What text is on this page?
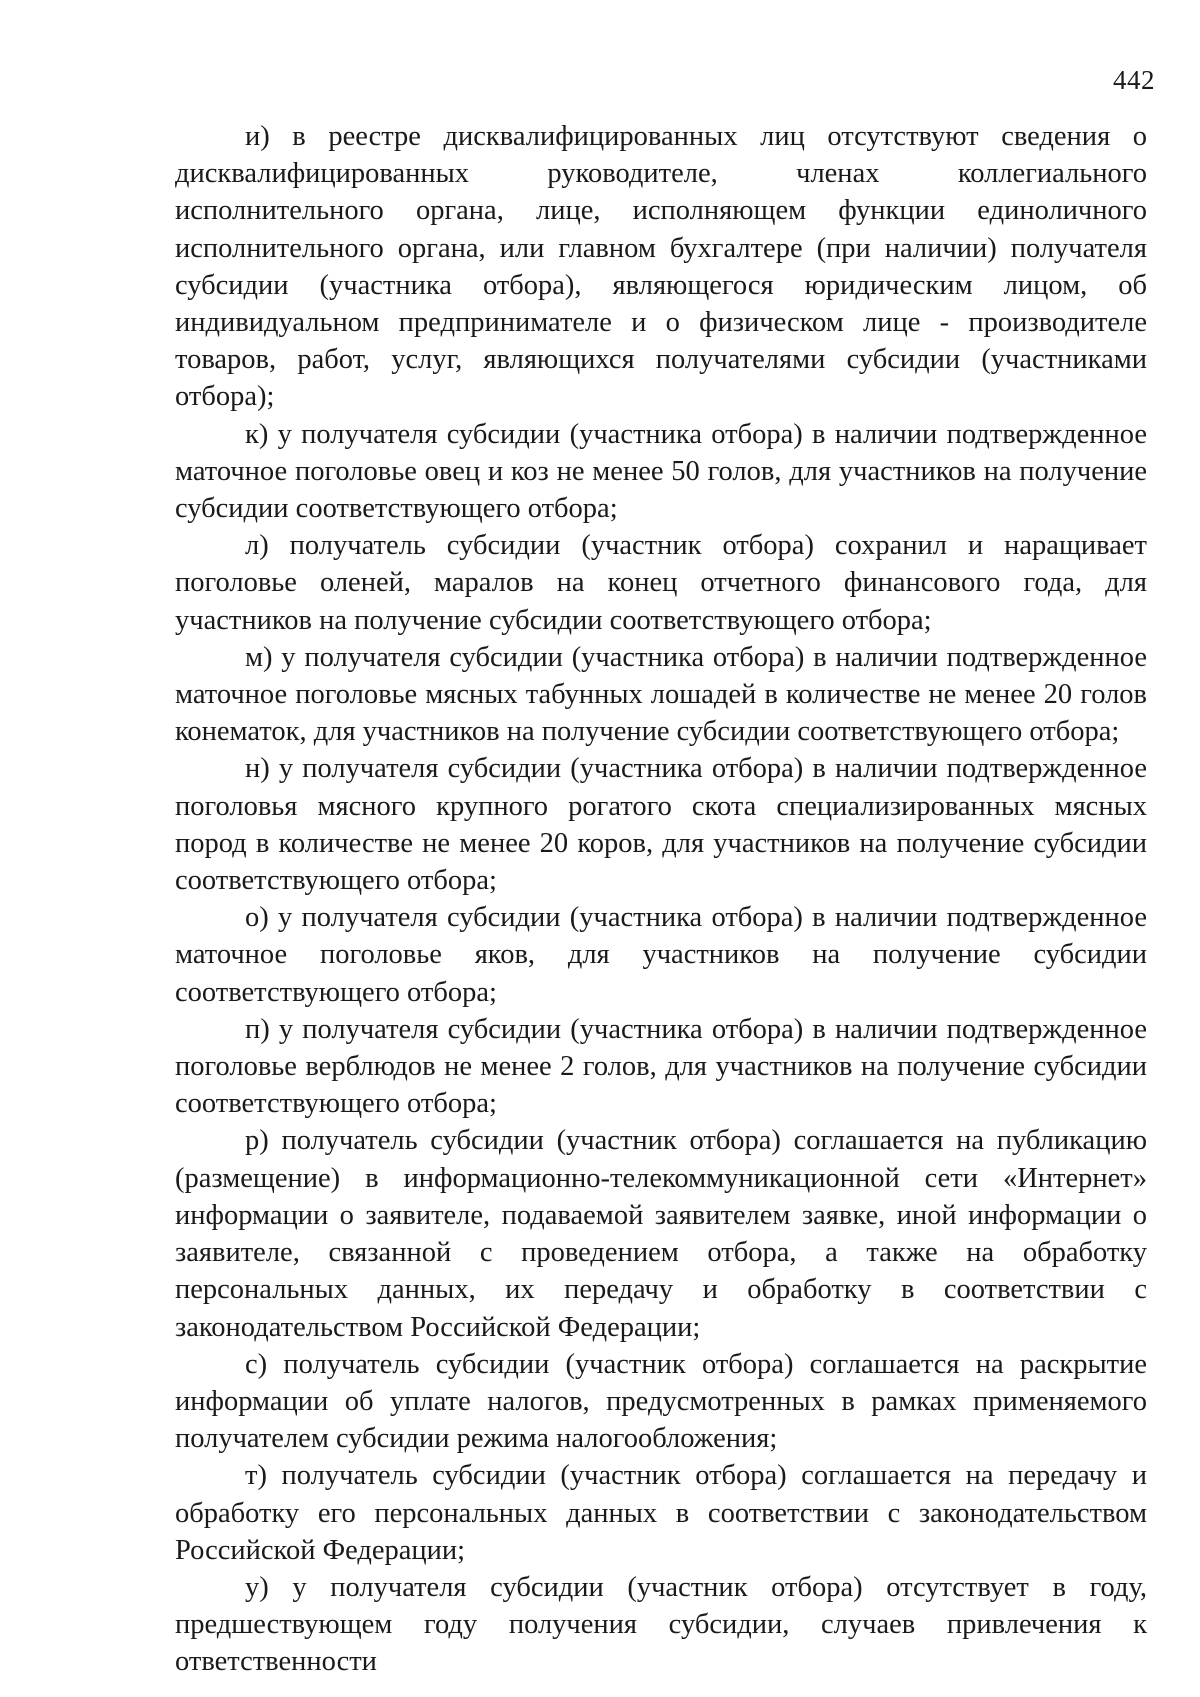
442

и) в реестре дисквалифицированных лиц отсутствуют сведения о дисквалифицированных руководителе, членах коллегиального исполнительного органа, лице, исполняющем функции единоличного исполнительного органа, или главном бухгалтере (при наличии) получателя субсидии (участника отбора), являющегося юридическим лицом, об индивидуальном предпринимателе и о физическом лице - производителе товаров, работ, услуг, являющихся получателями субсидии (участниками отбора);

к) у получателя субсидии (участника отбора) в наличии подтвержденное маточное поголовье овец и коз не менее 50 голов, для участников на получение субсидии соответствующего отбора;

л) получатель субсидии (участник отбора) сохранил и наращивает поголовье оленей, маралов на конец отчетного финансового года, для участников на получение субсидии соответствующего отбора;

м) у получателя субсидии (участника отбора) в наличии подтвержденное маточное поголовье мясных табунных лошадей в количестве не менее 20 голов конематок, для участников на получение субсидии соответствующего отбора;

н) у получателя субсидии (участника отбора) в наличии подтвержденное поголовья мясного крупного рогатого скота специализированных мясных пород в количестве не менее 20 коров, для участников на получение субсидии соответствующего отбора;

о) у получателя субсидии (участника отбора) в наличии подтвержденное маточное поголовье яков, для участников на получение субсидии соответствующего отбора;

п) у получателя субсидии (участника отбора) в наличии подтвержденное поголовье верблюдов не менее 2 голов, для участников на получение субсидии соответствующего отбора;

р) получатель субсидии (участник отбора) соглашается на публикацию (размещение) в информационно-телекоммуникационной сети «Интернет» информации о заявителе, подаваемой заявителем заявке, иной информации о заявителе, связанной с проведением отбора, а также на обработку персональных данных, их передачу и обработку в соответствии с законодательством Российской Федерации;

с) получатель субсидии (участник отбора) соглашается на раскрытие информации об уплате налогов, предусмотренных в рамках применяемого получателем субсидии режима налогообложения;

т) получатель субсидии (участник отбора) соглашается на передачу и обработку его персональных данных в соответствии с законодательством Российской Федерации;

у) у получателя субсидии (участник отбора) отсутствует в году, предшествующем году получения субсидии, случаев привлечения к ответственности
